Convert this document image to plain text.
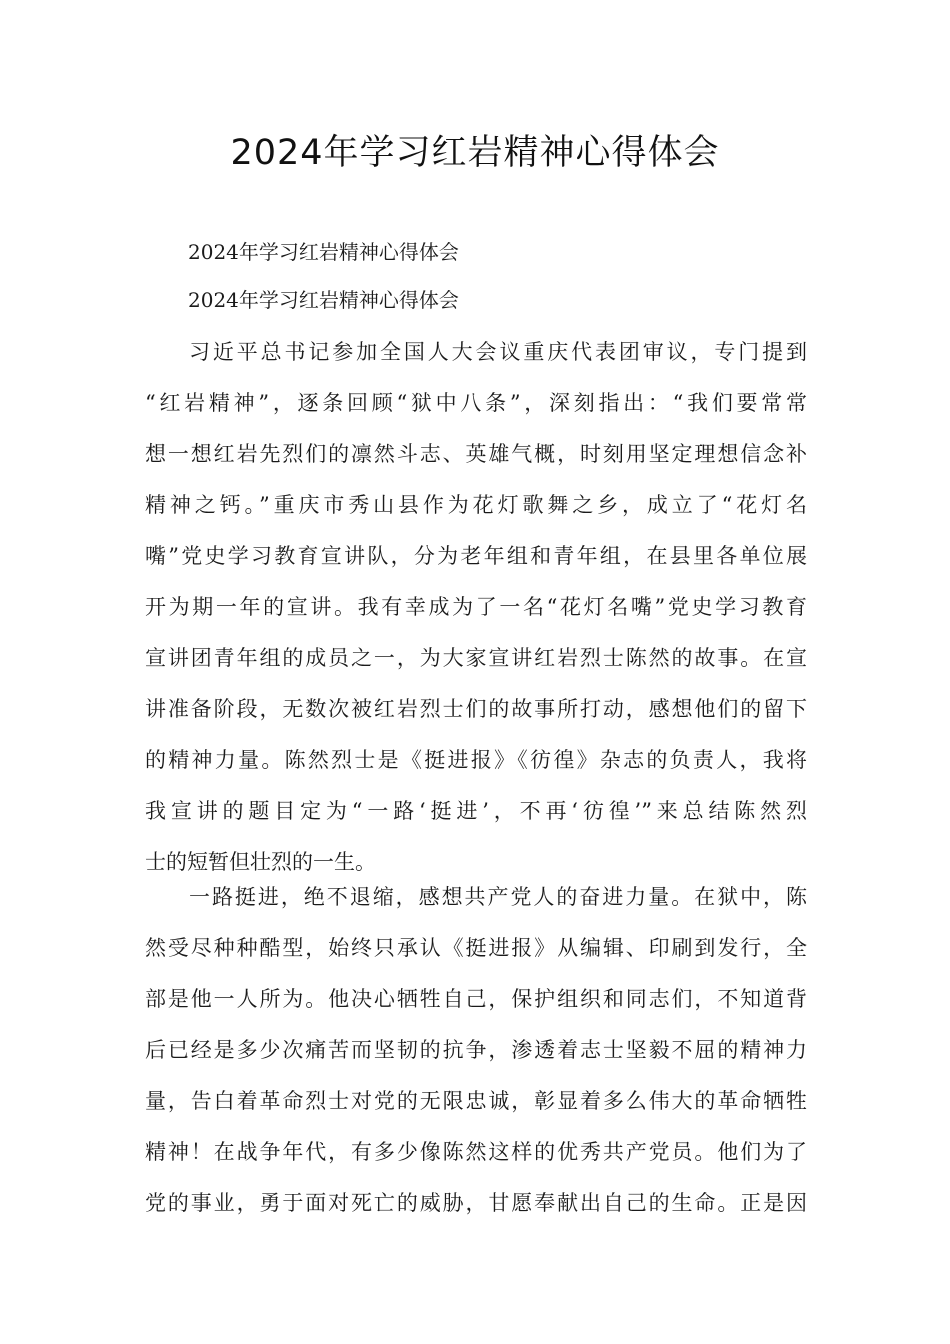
2024年学习红岩精神心得体会
2024年学习红岩精神心得体会
2024年学习红岩精神心得体会
习近平总书记参加全国人大会议重庆代表团审议，专门提到
“红岩精神”，逐条回顾“狱中八条”，深刻指出：“我们要常常
想一想红岩先烈们的凛然斗志、英雄气概，时刻用坚定理想信念补
精神之钙。”重庆市秀山县作为花灯歌舞之乡，成立了“花灯名
嘴”党史学习教育宣讲队，分为老年组和青年组，在县里各单位展
开为期一年的宣讲。我有幸成为了一名“花灯名嘴”党史学习教育
宣讲团青年组的成员之一，为大家宣讲红岩烈士陈然的故事。在宣
讲准备阶段，无数次被红岩烈士们的故事所打动，感想他们的留下
的精神力量。陈然烈士是《挺进报》《彷徨》杂志的负责人，我将
我宣讲的题目定为“一路‘挺进’，不再‘彷徨’”来总结陈然烈
士的短暂但壮烈的一生。
一路挺进，绝不退缩，感想共产党人的奋进力量。在狱中，陈
然受尽种种酷型，始终只承认《挺进报》从编辑、印刷到发行，全
部是他一人所为。他决心牺牲自己，保护组织和同志们，不知道背
后已经是多少次痛苦而坚韧的抗争，渗透着志士坚毅不屈的精神力
量，告白着革命烈士对党的无限忠诚，彰显着多么伟大的革命牺牲
精神！在战争年代，有多少像陈然这样的优秀共产党员。他们为了
党的事业，勇于面对死亡的威胁，甘愿奉献出自己的生命。正是因
